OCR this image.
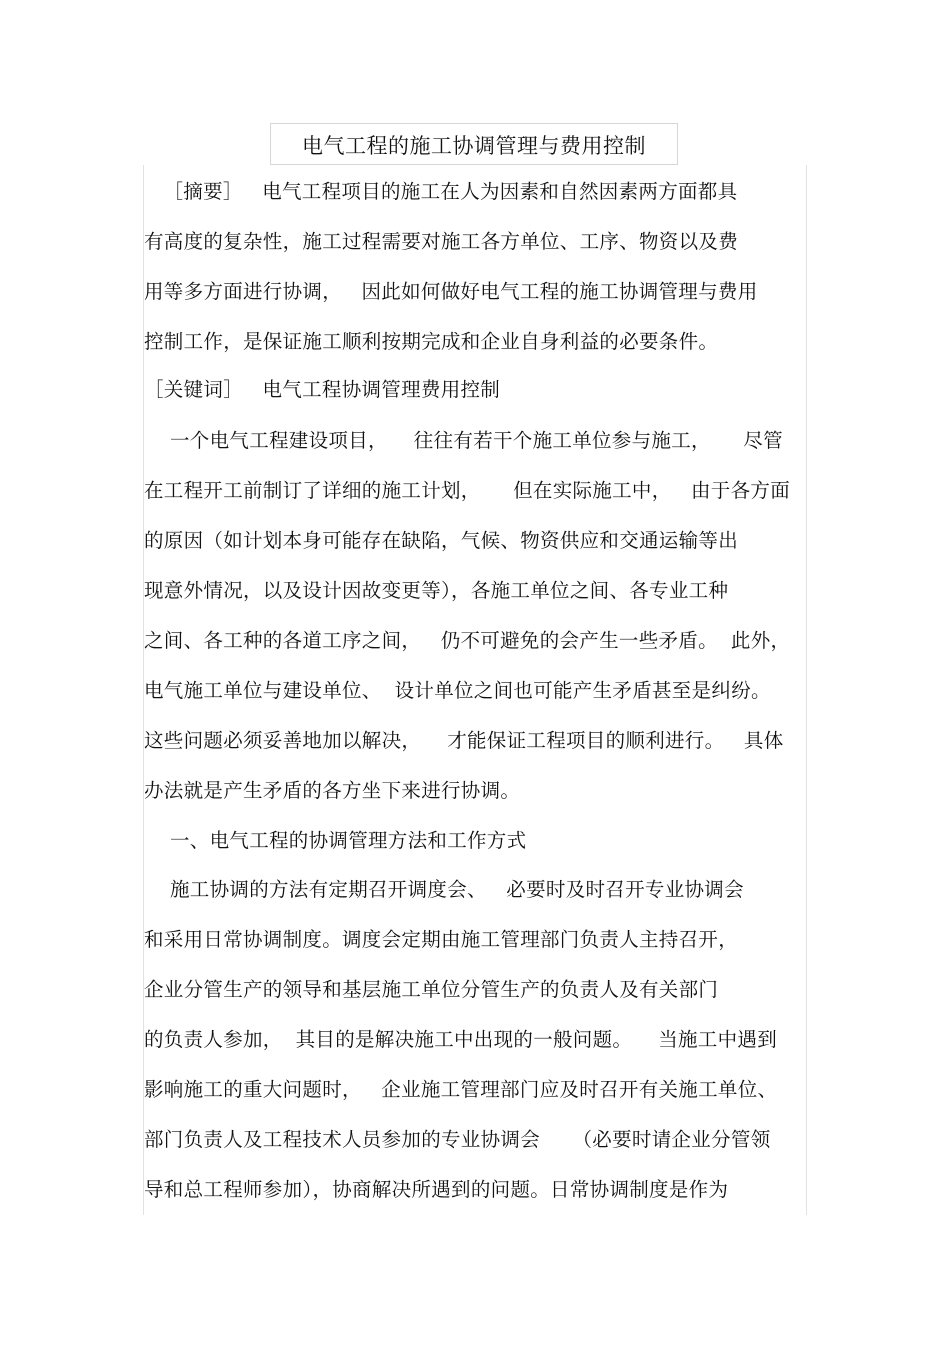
电气工程的施工协调管理与费用控制
［摘要］   电气工程项目的施工在人为因素和自然因素两方面都具
有高度的复杂性，施工过程需要对施工各方单位、工序、物资以及费
用等多方面进行协调，   因此如何做好电气工程的施工协调管理与费用
控制工作，是保证施工顺利按期完成和企业自身利益的必要条件。
［关键词］   电气工程协调管理费用控制
一个电气工程建设项目，    往往有若干个施工单位参与施工，     尽管
在工程开工前制订了详细的施工计划，     但在实际施工中，   由于各方面
的原因（如计划本身可能存在缺陷，气候、物资供应和交通运输等出
现意外情况，以及设计因故变更等），各施工单位之间、各专业工种
之间、各工种的各道工序之间，   仍不可避免的会产生一些矛盾。  此外，
电气施工单位与建设单位、  设计单位之间也可能产生矛盾甚至是纠纷。
这些问题必须妥善地加以解决，    才能保证工程项目的顺利进行。   具体
办法就是产生矛盾的各方坐下来进行协调。
一、电气工程的协调管理方法和工作方式
施工协调的方法有定期召开调度会、   必要时及时召开专业协调会
和采用日常协调制度。调度会定期由施工管理部门负责人主持召开，
企业分管生产的领导和基层施工单位分管生产的负责人及有关部门
的负责人参加，  其目的是解决施工中出现的一般问题。    当施工中遇到
影响施工的重大问题时，   企业施工管理部门应及时召开有关施工单位、
部门负责人及工程技术人员参加的专业协调会     （必要时请企业分管领
导和总工程师参加），协商解决所遇到的问题。日常协调制度是作为
